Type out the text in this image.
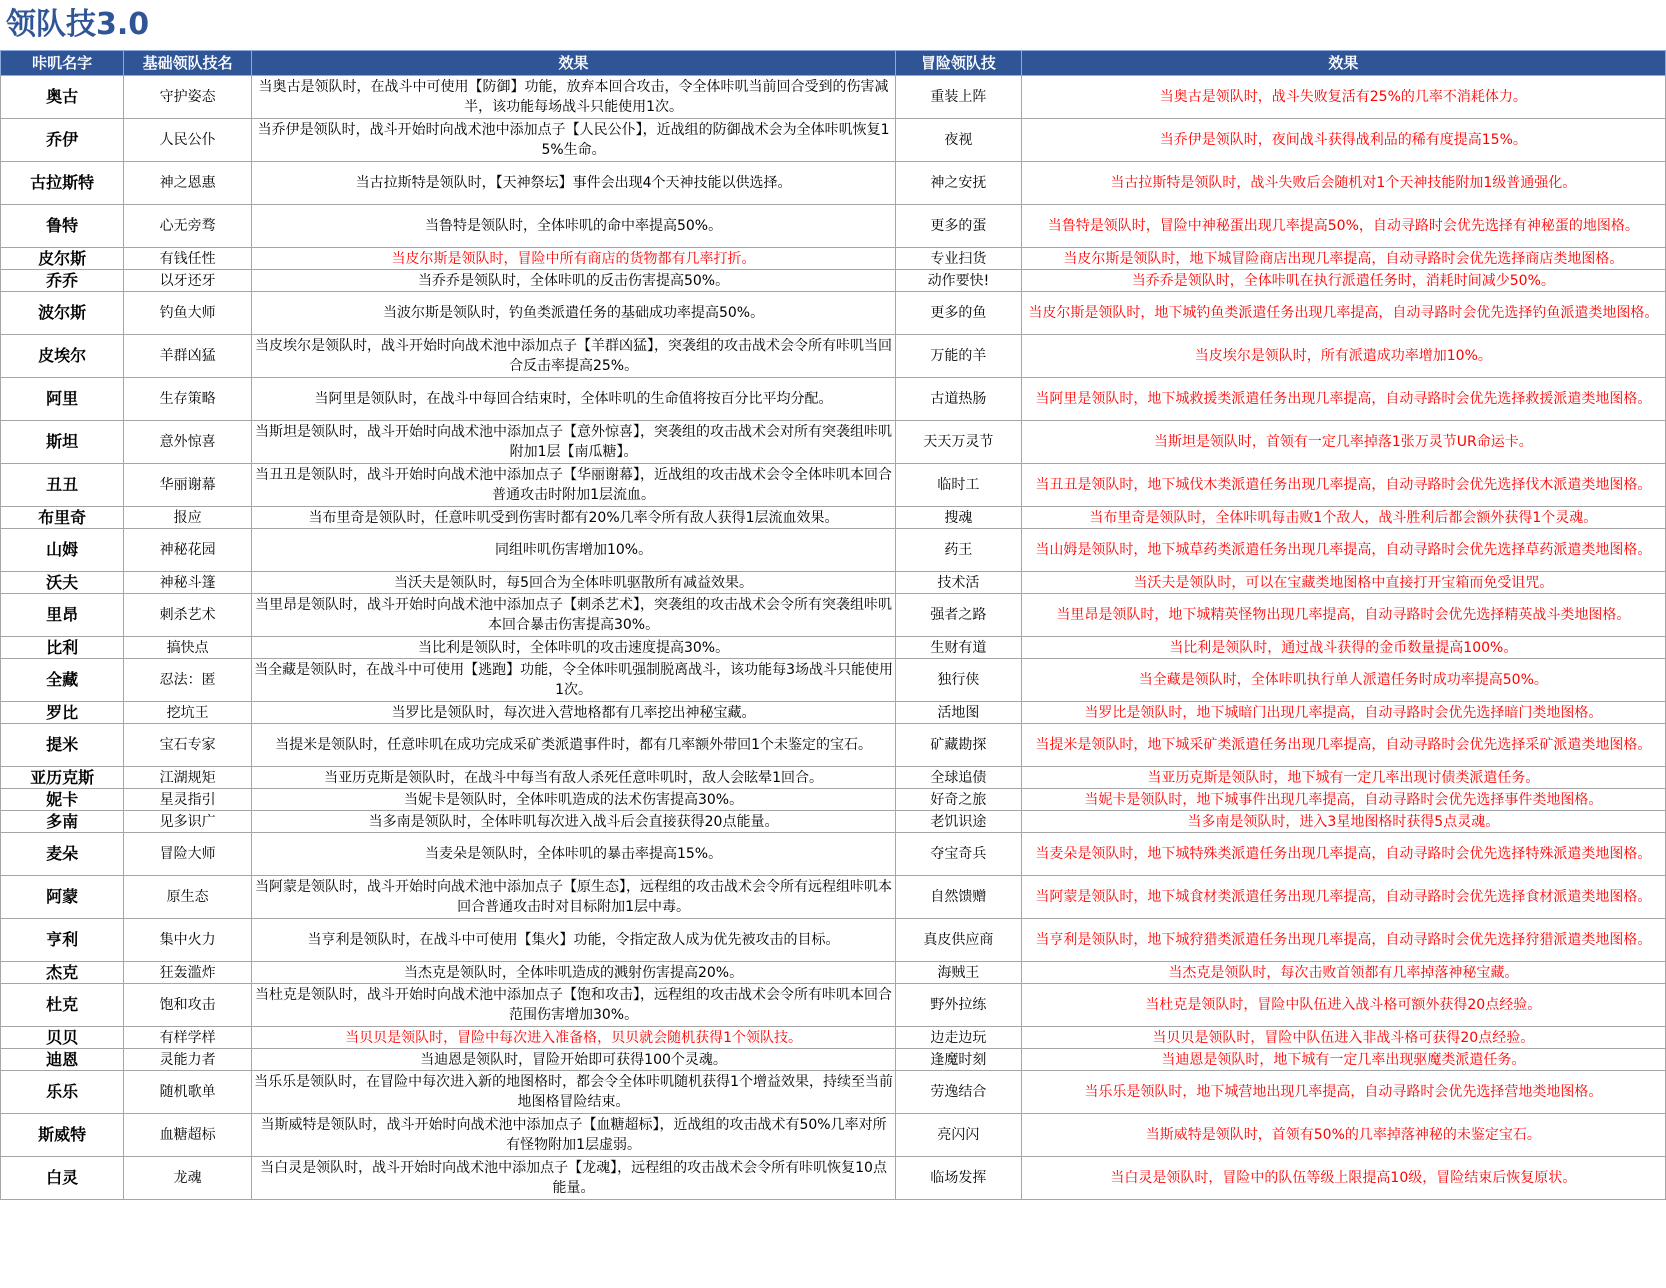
领队技3.0
咔叽名字	基础领队技名	效果	冒险领队技	效果
奥古	守护姿态	当奥古是领队时，在战斗中可使用【防御】功能，放弃本回合攻击，令全体咔叽当前回合受到的伤害减半，该功能每场战斗只能使用1次。	重装上阵	当奥古是领队时，战斗失败复活有25%的几率不消耗体力。
乔伊	人民公仆	当乔伊是领队时，战斗开始时向战术池中添加点子【人民公仆】，近战组的防御战术会为全体咔叽恢复15%生命。	夜视	当乔伊是领队时，夜间战斗获得战利品的稀有度提高15%。
古拉斯特	神之恩惠	当古拉斯特是领队时，【天神祭坛】事件会出现4个天神技能以供选择。	神之安抚	当古拉斯特是领队时，战斗失败后会随机对1个天神技能附加1级普通强化。
鲁特	心无旁骛	当鲁特是领队时，全体咔叽的命中率提高50%。	更多的蛋	当鲁特是领队时，冒险中神秘蛋出现几率提高50%，自动寻路时会优先选择有神秘蛋的地图格。
皮尔斯	有钱任性	当皮尔斯是领队时，冒险中所有商店的货物都有几率打折。	专业扫货	当皮尔斯是领队时，地下城冒险商店出现几率提高，自动寻路时会优先选择商店类地图格。
乔乔	以牙还牙	当乔乔是领队时，全体咔叽的反击伤害提高50%。	动作要快!	当乔乔是领队时，全体咔叽在执行派遣任务时，消耗时间减少50%。
波尔斯	钓鱼大师	当波尔斯是领队时，钓鱼类派遣任务的基础成功率提高50%。	更多的鱼	当皮尔斯是领队时，地下城钓鱼类派遣任务出现几率提高，自动寻路时会优先选择钓鱼派遣类地图格。
皮埃尔	羊群凶猛	当皮埃尔是领队时，战斗开始时向战术池中添加点子【羊群凶猛】，突袭组的攻击战术会令所有咔叽当回合反击率提高25%。	万能的羊	当皮埃尔是领队时，所有派遣成功率增加10%。
阿里	生存策略	当阿里是领队时，在战斗中每回合结束时，全体咔叽的生命值将按百分比平均分配。	古道热肠	当阿里是领队时，地下城救援类派遣任务出现几率提高，自动寻路时会优先选择救援派遣类地图格。
斯坦	意外惊喜	当斯坦是领队时，战斗开始时向战术池中添加点子【意外惊喜】，突袭组的攻击战术会对所有突袭组咔叽附加1层【南瓜糖】。	天天万灵节	当斯坦是领队时，首领有一定几率掉落1张万灵节UR命运卡。
丑丑	华丽谢幕	当丑丑是领队时，战斗开始时向战术池中添加点子【华丽谢幕】，近战组的攻击战术会令全体咔叽本回合普通攻击时附加1层流血。	临时工	当丑丑是领队时，地下城伐木类派遣任务出现几率提高，自动寻路时会优先选择伐木派遣类地图格。
布里奇	报应	当布里奇是领队时，任意咔叽受到伤害时都有20%几率令所有敌人获得1层流血效果。	搜魂	当布里奇是领队时，全体咔叽每击败1个敌人，战斗胜利后都会额外获得1个灵魂。
山姆	神秘花园	同组咔叽伤害增加10%。	药王	当山姆是领队时，地下城草药类派遣任务出现几率提高，自动寻路时会优先选择草药派遣类地图格。
沃夫	神秘斗篷	当沃夫是领队时，每5回合为全体咔叽驱散所有减益效果。	技术活	当沃夫是领队时，可以在宝藏类地图格中直接打开宝箱而免受诅咒。
里昂	刺杀艺术	当里昂是领队时，战斗开始时向战术池中添加点子【刺杀艺术】，突袭组的攻击战术会令所有突袭组咔叽本回合暴击伤害提高30%。	强者之路	当里昂是领队时，地下城精英怪物出现几率提高，自动寻路时会优先选择精英战斗类地图格。
比利	搞快点	当比利是领队时，全体咔叽的攻击速度提高30%。	生财有道	当比利是领队时，通过战斗获得的金币数量提高100%。
全藏	忍法：匿	当全藏是领队时，在战斗中可使用【逃跑】功能，令全体咔叽强制脱离战斗，该功能每3场战斗只能使用1次。	独行侠	当全藏是领队时，全体咔叽执行单人派遣任务时成功率提高50%。
罗比	挖坑王	当罗比是领队时，每次进入营地格都有几率挖出神秘宝藏。	活地图	当罗比是领队时，地下城暗门出现几率提高，自动寻路时会优先选择暗门类地图格。
提米	宝石专家	当提米是领队时，任意咔叽在成功完成采矿类派遣事件时，都有几率额外带回1个未鉴定的宝石。	矿藏勘探	当提米是领队时，地下城采矿类派遣任务出现几率提高，自动寻路时会优先选择采矿派遣类地图格。
亚历克斯	江湖规矩	当亚历克斯是领队时，在战斗中每当有敌人杀死任意咔叽时，敌人会眩晕1回合。	全球追债	当亚历克斯是领队时，地下城有一定几率出现讨债类派遣任务。
妮卡	星灵指引	当妮卡是领队时，全体咔叽造成的法术伤害提高30%。	好奇之旅	当妮卡是领队时，地下城事件出现几率提高，自动寻路时会优先选择事件类地图格。
多南	见多识广	当多南是领队时，全体咔叽每次进入战斗后会直接获得20点能量。	老饥识途	当多南是领队时，进入3星地图格时获得5点灵魂。
麦朵	冒险大师	当麦朵是领队时，全体咔叽的暴击率提高15%。	夺宝奇兵	当麦朵是领队时，地下城特殊类派遣任务出现几率提高，自动寻路时会优先选择特殊派遣类地图格。
阿蒙	原生态	当阿蒙是领队时，战斗开始时向战术池中添加点子【原生态】，远程组的攻击战术会令所有远程组咔叽本回合普通攻击时对目标附加1层中毒。	自然馈赠	当阿蒙是领队时，地下城食材类派遣任务出现几率提高，自动寻路时会优先选择食材派遣类地图格。
亨利	集中火力	当亨利是领队时，在战斗中可使用【集火】功能，令指定敌人成为优先被攻击的目标。	真皮供应商	当亨利是领队时，地下城狩猎类派遣任务出现几率提高，自动寻路时会优先选择狩猎派遣类地图格。
杰克	狂轰滥炸	当杰克是领队时，全体咔叽造成的溅射伤害提高20%。	海贼王	当杰克是领队时，每次击败首领都有几率掉落神秘宝藏。
杜克	饱和攻击	当杜克是领队时，战斗开始时向战术池中添加点子【饱和攻击】，远程组的攻击战术会令所有咔叽本回合范围伤害增加30%。	野外拉练	当杜克是领队时，冒险中队伍进入战斗格可额外获得20点经验。
贝贝	有样学样	当贝贝是领队时，冒险中每次进入准备格，贝贝就会随机获得1个领队技。	边走边玩	当贝贝是领队时，冒险中队伍进入非战斗格可获得20点经验。
迪恩	灵能力者	当迪恩是领队时，冒险开始即可获得100个灵魂。	逢魔时刻	当迪恩是领队时，地下城有一定几率出现驱魔类派遣任务。
乐乐	随机歌单	当乐乐是领队时，在冒险中每次进入新的地图格时，都会令全体咔叽随机获得1个增益效果，持续至当前地图格冒险结束。	劳逸结合	当乐乐是领队时，地下城营地出现几率提高，自动寻路时会优先选择营地类地图格。
斯威特	血糖超标	当斯威特是领队时，战斗开始时向战术池中添加点子【血糖超标】，近战组的攻击战术有50%几率对所有怪物附加1层虚弱。	亮闪闪	当斯威特是领队时，首领有50%的几率掉落神秘的未鉴定宝石。
白灵	龙魂	当白灵是领队时，战斗开始时向战术池中添加点子【龙魂】，远程组的攻击战术会令所有咔叽恢复10点能量。	临场发挥	当白灵是领队时，冒险中的队伍等级上限提高10级，冒险结束后恢复原状。
